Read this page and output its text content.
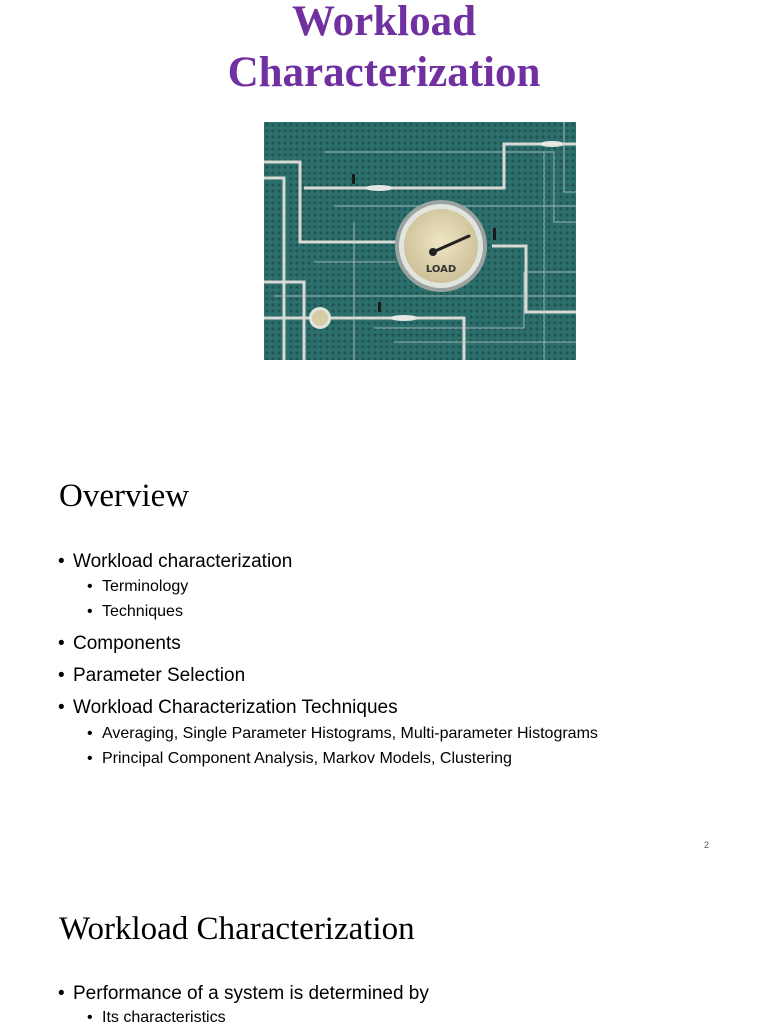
Workload
Characterization
LOAD
Overview
• Workload characterization
• Terminology
• Techniques
• Components
• Parameter Selection
• Workload Characterization Techniques
• Averaging, Single Parameter Histograms, Multi-parameter Histograms
• Principal Component Analysis, Markov Models, Clustering
2
Workload Characterization
• Performance of a system is determined by
• Its characteristics
